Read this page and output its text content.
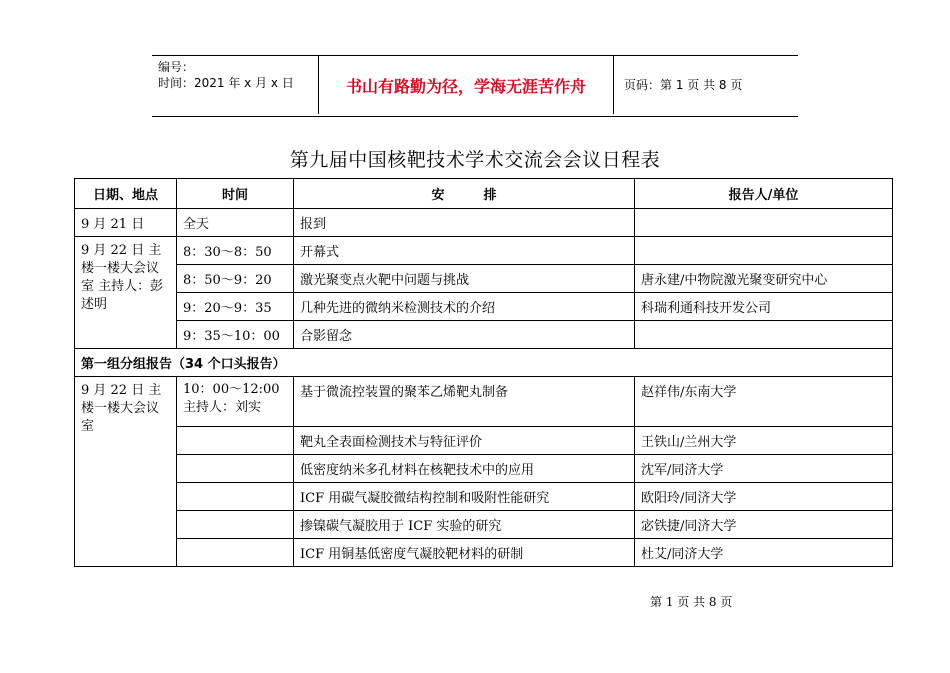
编号：
时间：2021 年 x 月 x 日	书山有路勤为径，学海无涯苦作舟	页码：第 1 页 共 8 页
第九届中国核靶技术学术交流会会议日程表
日期、地点	时间	安　　　排	报告人/单位
9 月 21 日	全天	报到	
9 月 22 日 主楼一楼大会议室 主持人：彭述明	8：30～8：50	开幕式	
	8：50～9：20	激光聚变点火靶中问题与挑战	唐永建/中物院激光聚变研究中心
	9：20～9：35	几种先进的微纳米检测技术的介绍	科瑞利通科技开发公司
	9：35～10：00	合影留念	
第一组分组报告（34 个口头报告）			
9 月 22 日 主楼一楼大会议室	10：00～12:00 主持人：刘实	基于微流控装置的聚苯乙烯靶丸制备	赵祥伟/东南大学
		靶丸全表面检测技术与特征评价	王铁山/兰州大学
		低密度纳米多孔材料在核靶技术中的应用	沈军/同济大学
		ICF 用碳气凝胶微结构控制和吸附性能研究	欧阳玲/同济大学
		掺镍碳气凝胶用于 ICF 实验的研究	宓铁捷/同济大学
		ICF 用铜基低密度气凝胶靶材料的研制	杜艾/同济大学
第 1 页 共 8 页
